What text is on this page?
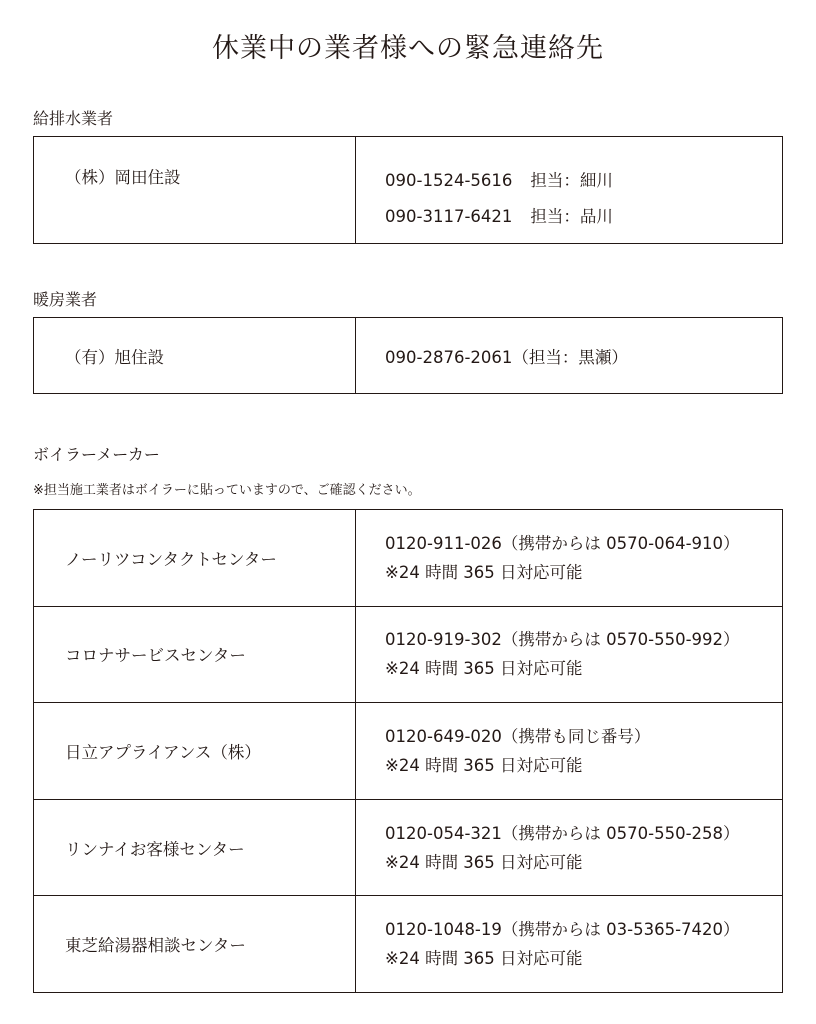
休業中の業者様への緊急連絡先
給排水業者
（株）岡田住設	090-1524-5616 担当：細川
090-3117-6421 担当：品川
暖房業者
（有）旭住設	090-2876-2061（担当：黒瀬）
ボイラーメーカー
※担当施工業者はボイラーに貼っていますので、ご確認ください。
ノーリツコンタクトセンター	0120-911-026（携帯からは 0570-064-910）
※24 時間 365 日対応可能

コロナサービスセンター	0120-919-302（携帯からは 0570-550-992）
※24 時間 365 日対応可能

日立アプライアンス（株）	0120-649-020（携帯も同じ番号）
※24 時間 365 日対応可能

リンナイお客様センター	0120-054-321（携帯からは 0570-550-258）
※24 時間 365 日対応可能

東芝給湯器相談センター	0120-1048-19（携帯からは 03-5365-7420）
※24 時間 365 日対応可能
